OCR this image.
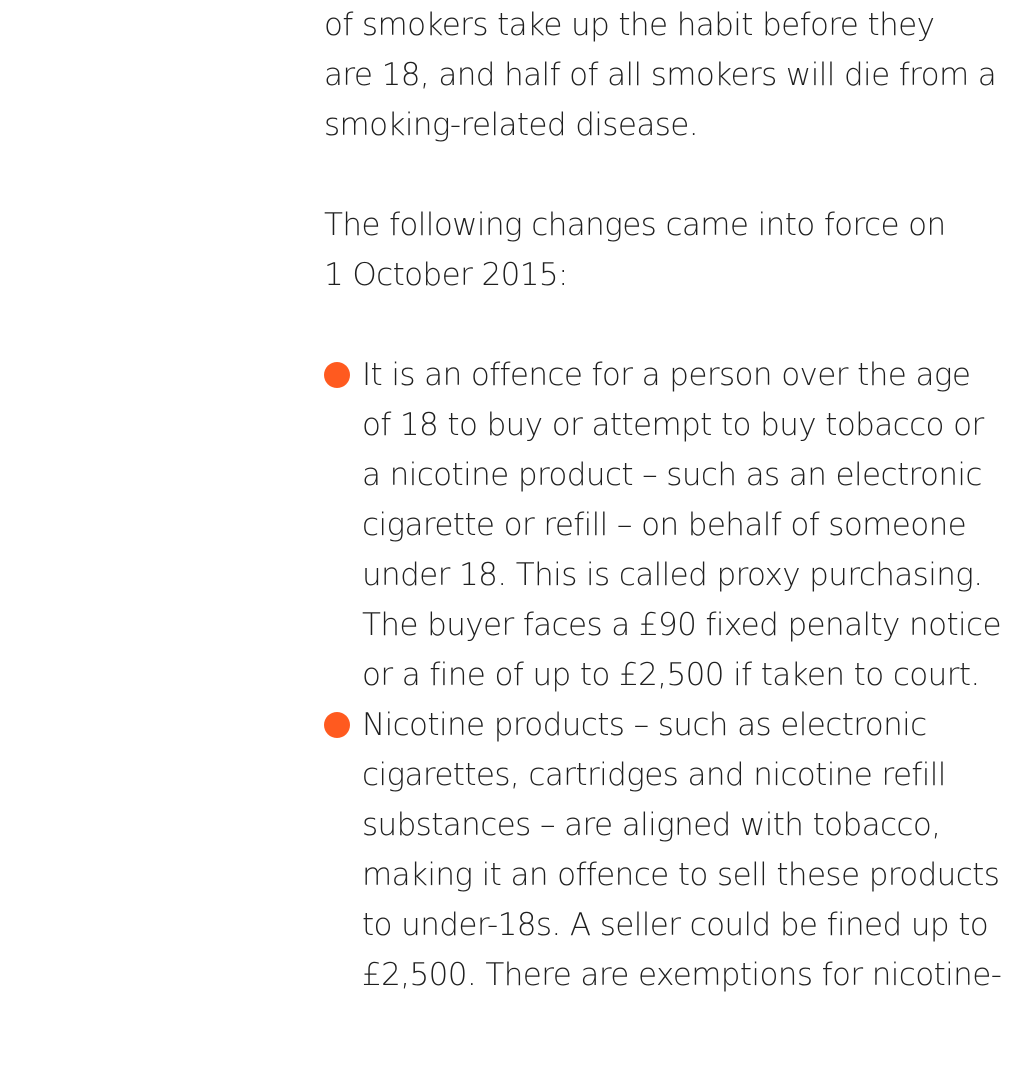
of smokers take up the habit before they
are 18, and half of all smokers will die from a
smoking-related disease.
The following changes came into force on
1 October 2015:
It is an offence for a person over the age
of 18 to buy or attempt to buy tobacco or
a nicotine product – such as an electronic
cigarette or refill – on behalf of someone
under 18. This is called proxy purchasing.
The buyer faces a £90 fixed penalty notice
or a fine of up to £2,500 if taken to court.
Nicotine products – such as electronic
cigarettes, cartridges and nicotine refill
substances – are aligned with tobacco,
making it an offence to sell these products
to under-18s. A seller could be fined up to
£2,500. There are exemptions for nicotine-
